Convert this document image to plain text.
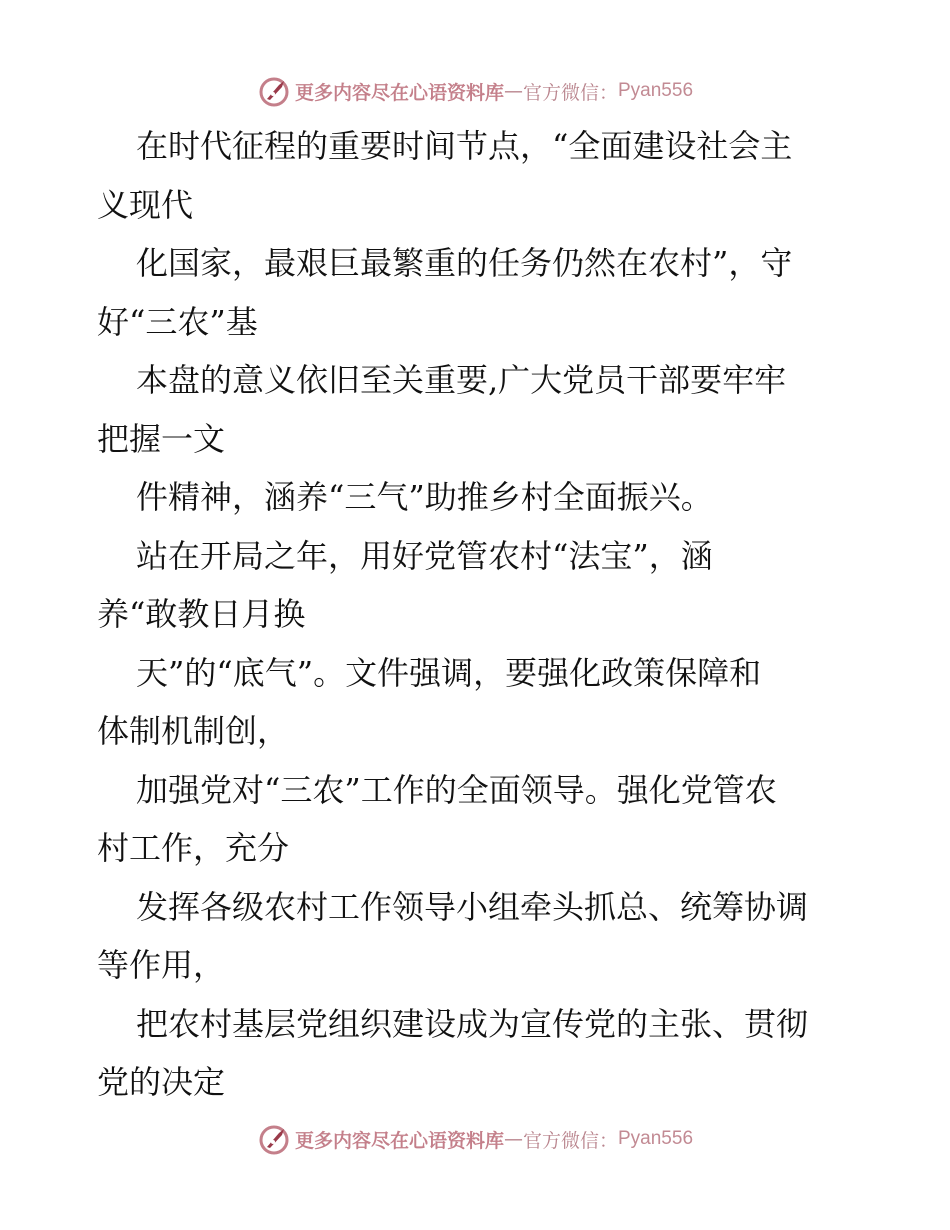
更多内容尽在心语资料库 — 官方微信： Pyan556
在时代征程的重要时间节点，“全面建设社会主
义现代
化国家，最艰巨最繁重的任务仍然在农村”，守
好“三农”基
本盘的意义依旧至关重要,广大党员干部要牢牢
把握一文
件精神，涵养“三气”助推乡村全面振兴。
站在开局之年，用好党管农村“法宝”，涵
养“敢教日月换
天”的“底气”。文件强调，要强化政策保障和
体制机制创，
加强党对“三农”工作的全面领导。强化党管农
村工作，充分
发挥各级农村工作领导小组牵头抓总、统筹协调
等作用，
把农村基层党组织建设成为宣传党的主张、贯彻
党的决定
更多内容尽在心语资料库 — 官方微信： Pyan556
